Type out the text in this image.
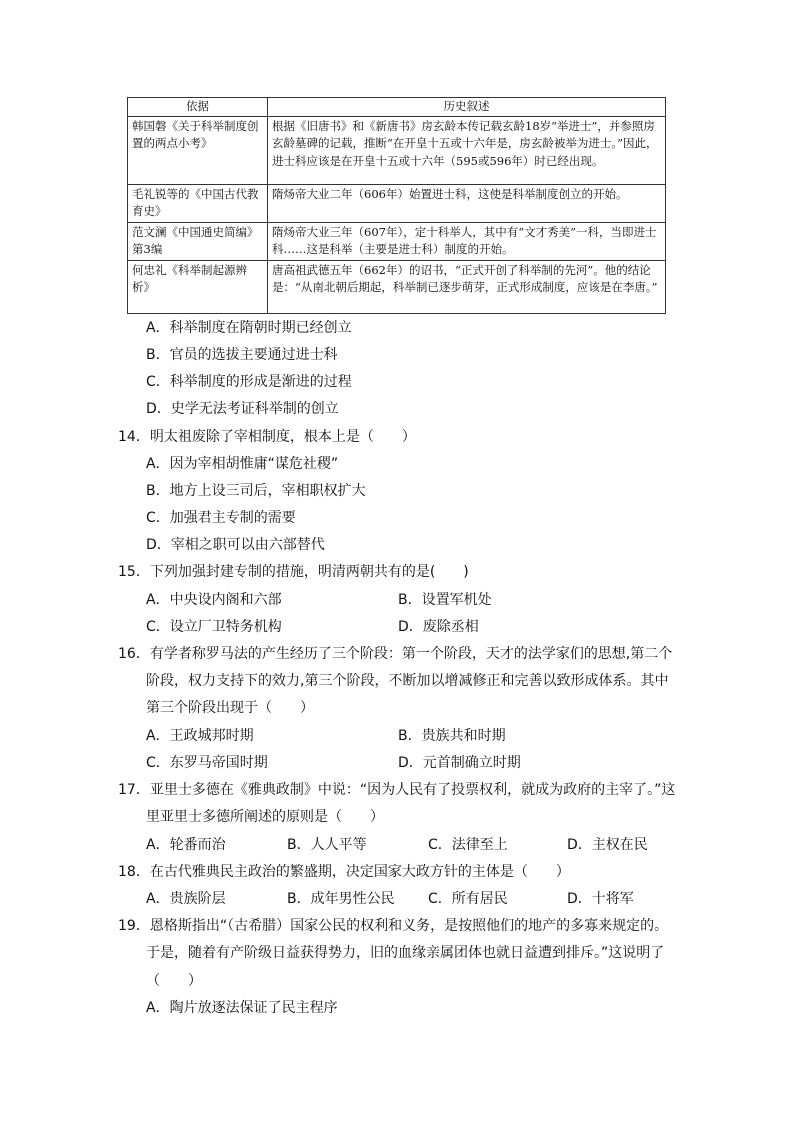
依据	历史叙述
韩国磐《关于科举制度创置的两点小考》	根据《旧唐书》和《新唐书》房玄龄本传记载玄龄18岁“举进士”，并参照房玄龄墓碑的记载，推断“在开皇十五或十六年是，房玄龄被举为进士。”因此，进士科应该是在开皇十五或十六年（595或596年）时已经出现。
毛礼锐等的《中国古代教育史》	隋炀帝大业二年（606年）始置进士科，这使是科举制度创立的开始。
范文澜《中国通史简编》第3编	隋炀帝大业三年（607年），定十科举人，其中有“文才秀美”一科，当即进士科……这是科举（主要是进士科）制度的开始。
何忠礼《科举制起源辨析》	唐高祖武德五年（662年）的诏书，“正式开创了科举制的先河”。他的结论是：“从南北朝后期起，科举制已逐步萌芽，正式形成制度，应该是在李唐。”
A．科举制度在隋朝时期已经创立
B．官员的选拔主要通过进士科
C．科举制度的形成是渐进的过程
D．史学无法考证科举制的创立
14．明太祖废除了宰相制度，根本上是（　　）
A．因为宰相胡惟庸“谋危社稷”
B．地方上设三司后，宰相职权扩大
C．加强君主专制的需要
D．宰相之职可以由六部替代
15．下列加强封建专制的措施，明清两朝共有的是(　　)
A．中央设内阁和六部	B．设置军机处
C．设立厂卫特务机构	D．废除丞相
16．有学者称罗马法的产生经历了三个阶段：第一个阶段，天才的法学家们的思想,第二个
阶段，权力支持下的效力,第三个阶段，不断加以增减修正和完善以致形成体系。其中
第三个阶段出现于（　　）
A．王政城邦时期	B．贵族共和时期
C．东罗马帝国时期	D．元首制确立时期
17．亚里士多德在《雅典政制》中说：“因为人民有了投票权利，就成为政府的主宰了。”这
里亚里士多德所阐述的原则是（　　）
A．轮番而治	B．人人平等	C．法律至上	D．主权在民
18．在古代雅典民主政治的繁盛期，决定国家大政方针的主体是（　　）
A．贵族阶层	B．成年男性公民 C．所有居民	D．十将军
19．恩格斯指出“（古希腊）国家公民的权利和义务，是按照他们的地产的多寡来规定的。
于是，随着有产阶级日益获得势力，旧的血缘亲属团体也就日益遭到排斥。”这说明了
（　　）
A．陶片放逐法保证了民主程序
